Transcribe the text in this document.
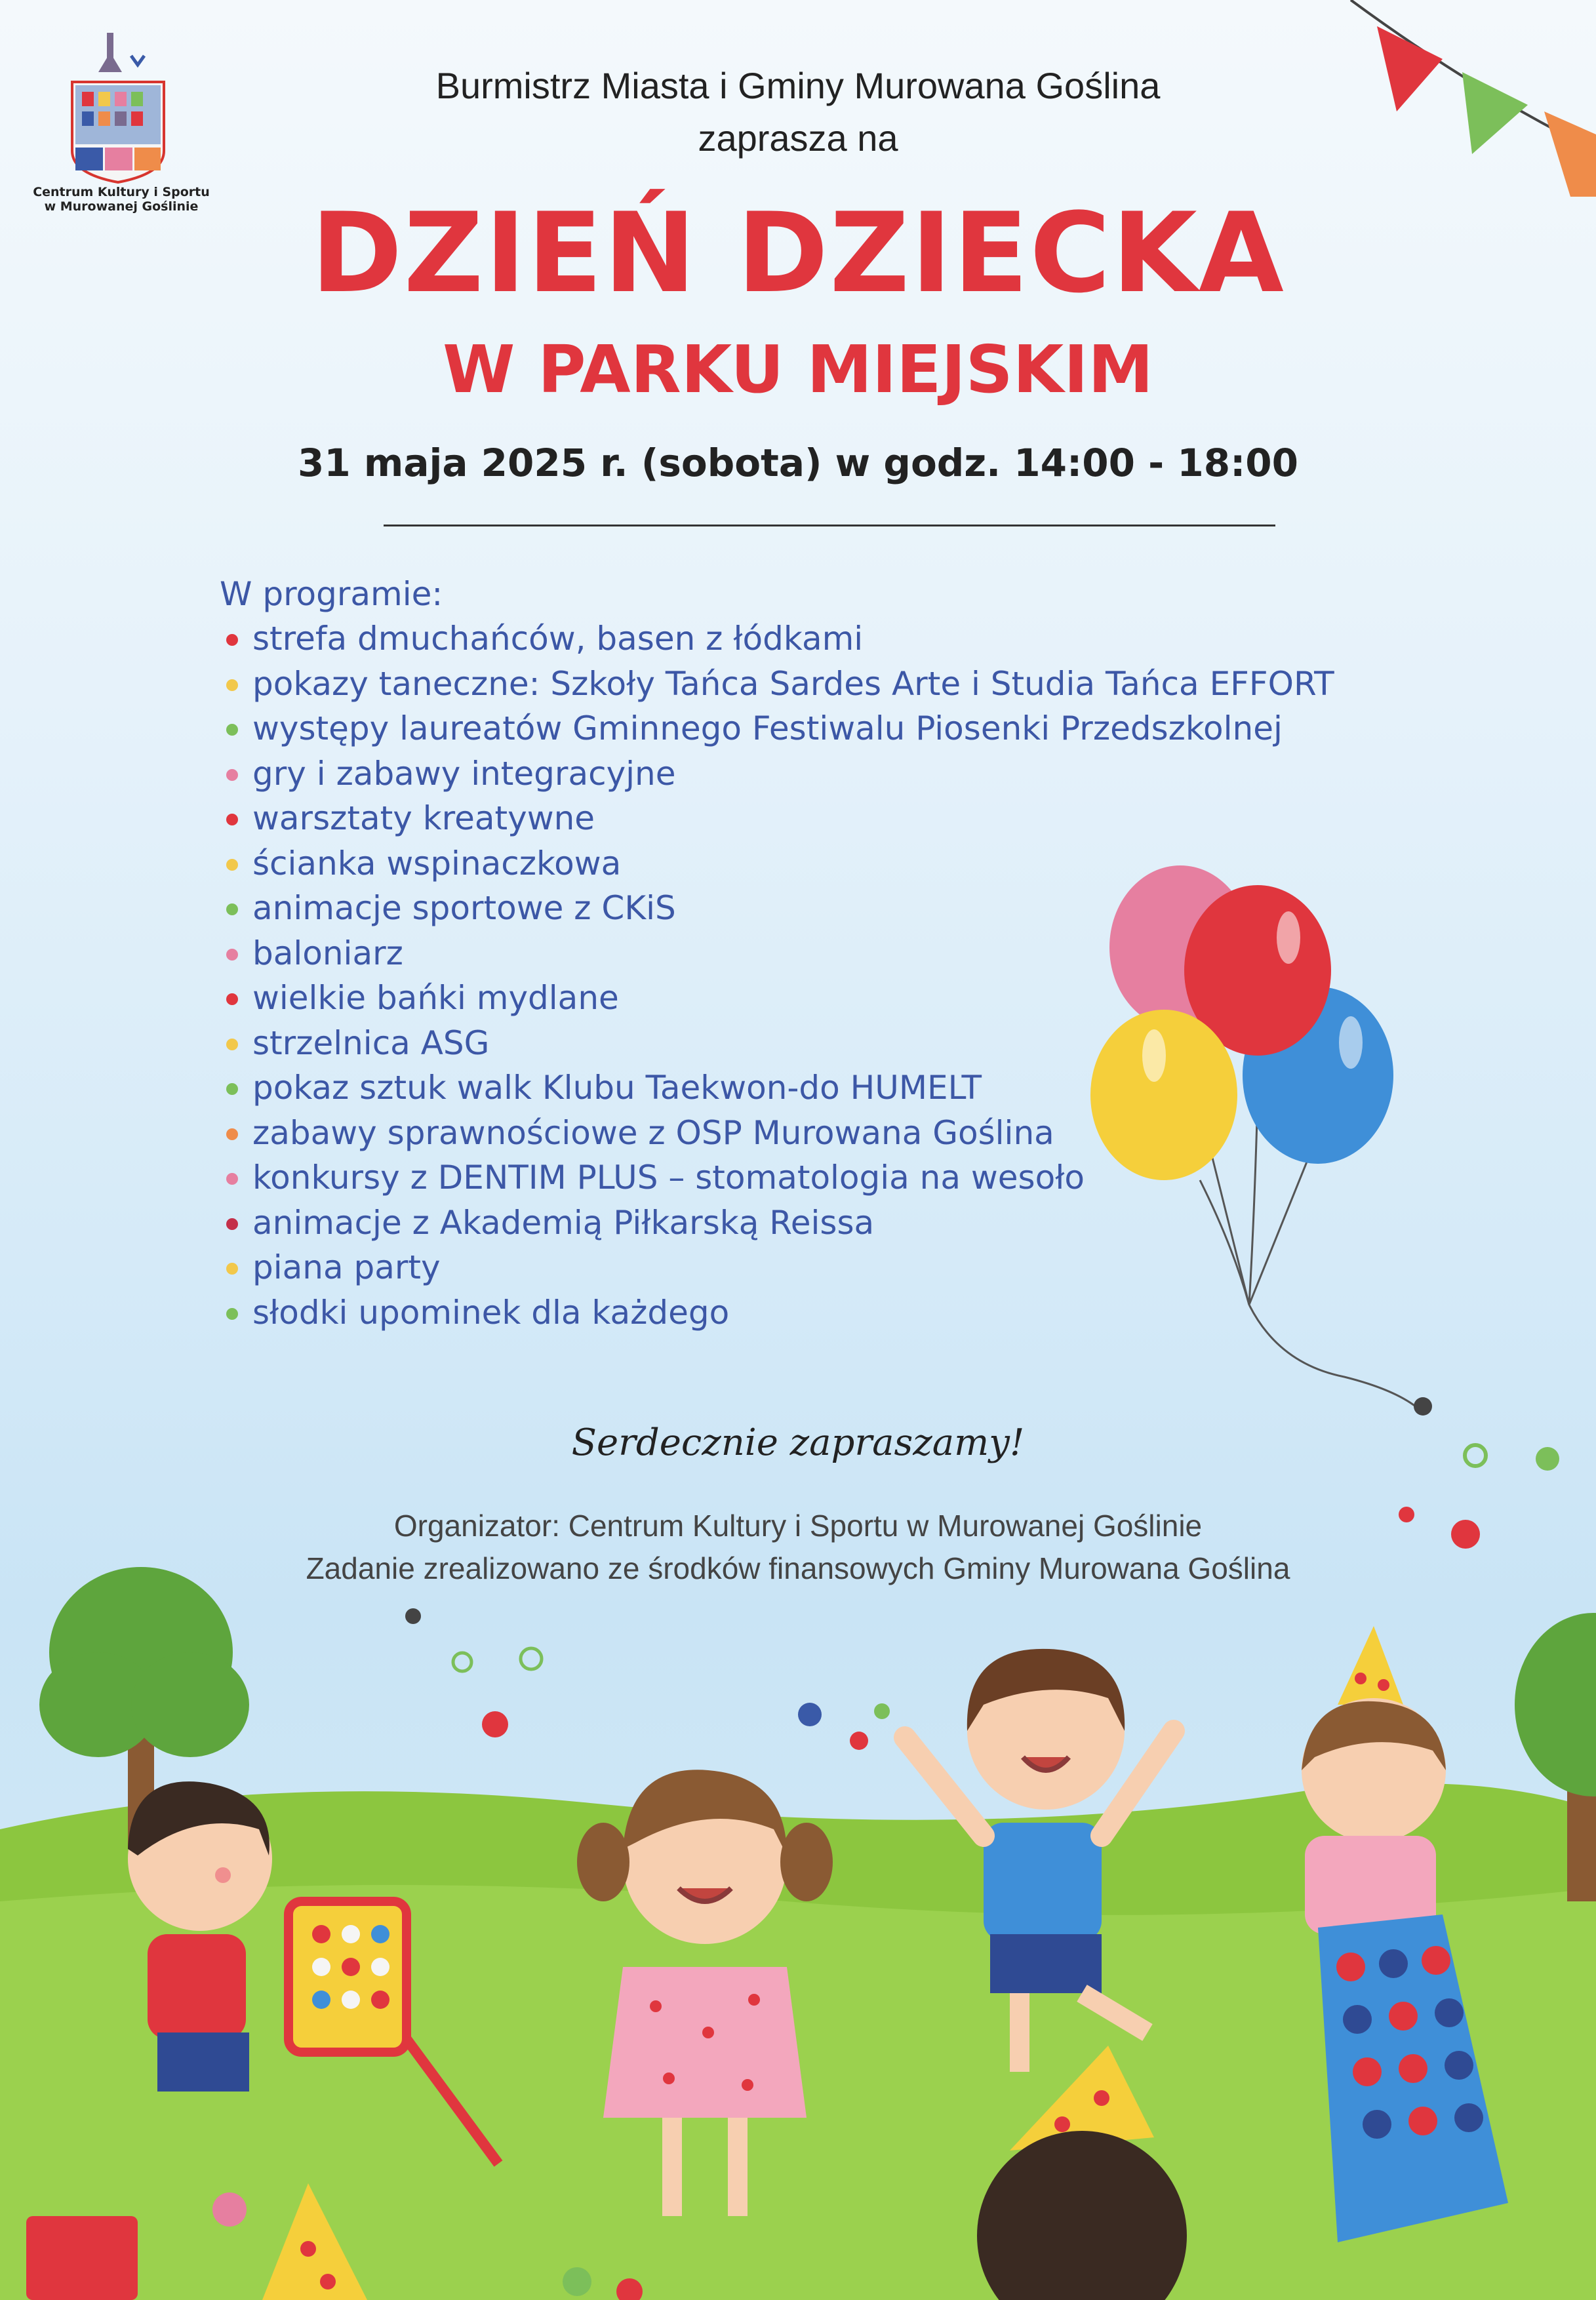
Centrum Kultury i Sportu
w Murowanej Goślinie
Burmistrz Miasta i Gminy Murowana Goślina
zaprasza na
DZIEŃ DZIECKA
W PARKU MIEJSKIM
31 maja 2025 r. (sobota) w godz. 14:00 - 18:00
W programie:
strefa dmuchańców, basen z łódkami
pokazy taneczne: Szkoły Tańca Sardes Arte i Studia Tańca EFFORT
występy laureatów Gminnego Festiwalu Piosenki Przedszkolnej
gry i zabawy integracyjne
warsztaty kreatywne
ścianka wspinaczkowa
animacje sportowe z CKiS
baloniarz
wielkie bańki mydlane
strzelnica ASG
pokaz sztuk walk Klubu Taekwon-do HUMELT
zabawy sprawnościowe z OSP Murowana Goślina
konkursy z DENTIM PLUS – stomatologia na wesoło
animacje z Akademią Piłkarską Reissa
piana party
słodki upominek dla każdego
Serdecznie zapraszamy!
Organizator: Centrum Kultury i Sportu w Murowanej Goślinie
Zadanie zrealizowano ze środków finansowych Gminy Murowana Goślina
